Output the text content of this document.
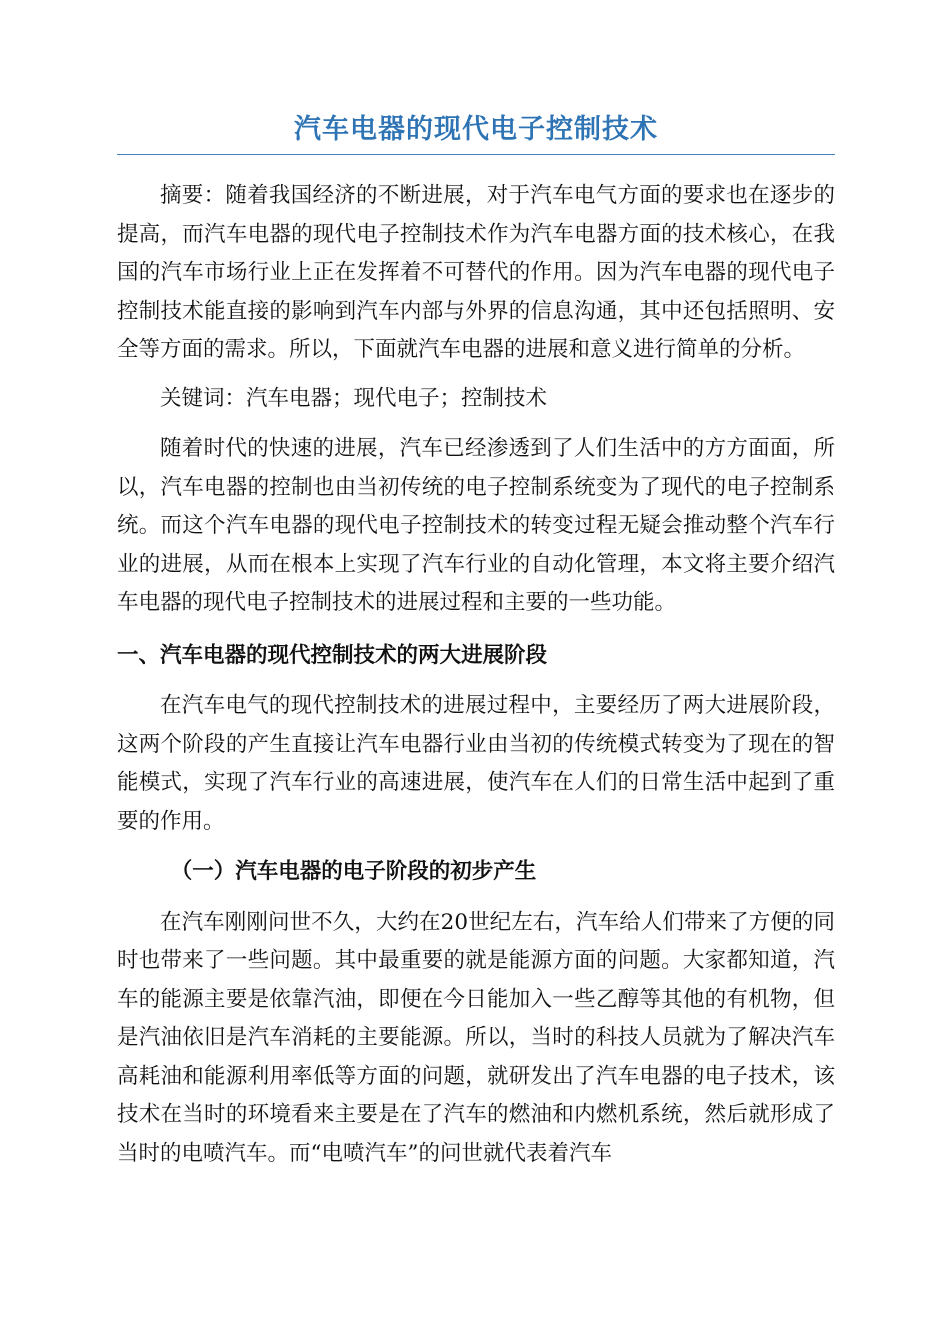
汽车电器的现代电子控制技术

摘要：随着我国经济的不断进展，对于汽车电气方面的要求也在逐步的提高，而汽车电器的现代电子控制技术作为汽车电器方面的技术核心，在我国的汽车市场行业上正在发挥着不可替代的作用。因为汽车电器的现代电子控制技术能直接的影响到汽车内部与外界的信息沟通，其中还包括照明、安全等方面的需求。所以，下面就汽车电器的进展和意义进行简单的分析。

关键词：汽车电器；现代电子；控制技术

随着时代的快速的进展，汽车已经渗透到了人们生活中的方方面面，所以，汽车电器的控制也由当初传统的电子控制系统变为了现代的电子控制系统。而这个汽车电器的现代电子控制技术的转变过程无疑会推动整个汽车行业的进展，从而在根本上实现了汽车行业的自动化管理，本文将主要介绍汽车电器的现代电子控制技术的进展过程和主要的一些功能。

一、汽车电器的现代控制技术的两大进展阶段

在汽车电气的现代控制技术的进展过程中，主要经历了两大进展阶段，这两个阶段的产生直接让汽车电器行业由当初的传统模式转变为了现在的智能模式，实现了汽车行业的高速进展，使汽车在人们的日常生活中起到了重要的作用。

（一）汽车电器的电子阶段的初步产生

在汽车刚刚问世不久，大约在20世纪左右，汽车给人们带来了方便的同时也带来了一些问题。其中最重要的就是能源方面的问题。大家都知道，汽车的能源主要是依靠汽油，即便在今日能加入一些乙醇等其他的有机物，但是汽油依旧是汽车消耗的主要能源。所以，当时的科技人员就为了解决汽车高耗油和能源利用率低等方面的问题，就研发出了汽车电器的电子技术，该技术在当时的环境看来主要是在了汽车的燃油和内燃机系统，然后就形成了当时的电喷汽车。而“电喷汽车”的问世就代表着汽车
